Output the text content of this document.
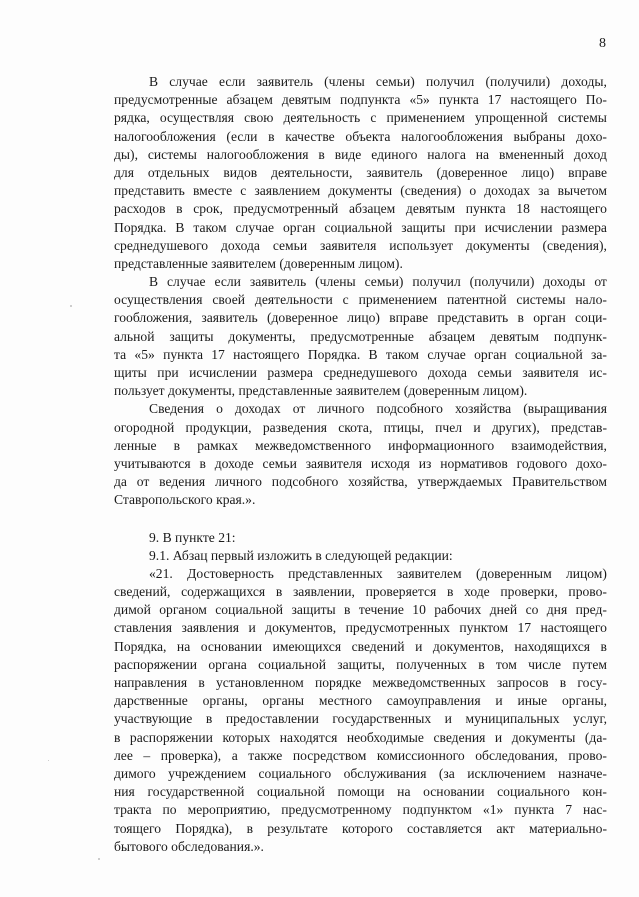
8
В случае если заявитель (члены семьи) получил (получили) доходы,
предусмотренные абзацем девятым подпункта «5» пункта 17 настоящего По-
рядка, осуществляя свою деятельность с применением упрощенной системы
налогообложения (если в качестве объекта налогообложения выбраны дохо-
ды), системы налогообложения в виде единого налога на вмененный доход
для отдельных видов деятельности, заявитель (доверенное лицо) вправе
представить вместе с заявлением документы (сведения) о доходах за вычетом
расходов в срок, предусмотренный абзацем девятым пункта 18 настоящего
Порядка. В таком случае орган социальной защиты при исчислении размера
среднедушевого дохода семьи заявителя использует документы (сведения),
представленные заявителем (доверенным лицом).
В случае если заявитель (члены семьи) получил (получили) доходы от
осуществления своей деятельности с применением патентной системы нало-
гообложения, заявитель (доверенное лицо) вправе представить в орган соци-
альной защиты документы, предусмотренные абзацем девятым подпунк-
та «5» пункта 17 настоящего Порядка. В таком случае орган социальной за-
щиты при исчислении размера среднедушевого дохода семьи заявителя ис-
пользует документы, представленные заявителем (доверенным лицом).
Сведения о доходах от личного подсобного хозяйства (выращивания
огородной продукции, разведения скота, птицы, пчел и других), представ-
ленные в рамках межведомственного информационного взаимодействия,
учитываются в доходе семьи заявителя исходя из нормативов годового дохо-
да от ведения личного подсобного хозяйства, утверждаемых Правительством
Ставропольского края.».
9. В пункте 21:
9.1. Абзац первый изложить в следующей редакции:
«21. Достоверность представленных заявителем (доверенным лицом)
сведений, содержащихся в заявлении, проверяется в ходе проверки, прово-
димой органом социальной защиты в течение 10 рабочих дней со дня пред-
ставления заявления и документов, предусмотренных пунктом 17 настоящего
Порядка, на основании имеющихся сведений и документов, находящихся в
распоряжении органа социальной защиты, полученных в том числе путем
направления в установленном порядке межведомственных запросов в госу-
дарственные органы, органы местного самоуправления и иные органы,
участвующие в предоставлении государственных и муниципальных услуг,
в распоряжении которых находятся необходимые сведения и документы (да-
лее – проверка), а также посредством комиссионного обследования, прово-
димого учреждением социального обслуживания (за исключением назначе-
ния государственной социальной помощи на основании социального кон-
тракта по мероприятию, предусмотренному подпунктом «1» пункта 7 нас-
тоящего Порядка), в результате которого составляется акт материально-
бытового обследования.».
